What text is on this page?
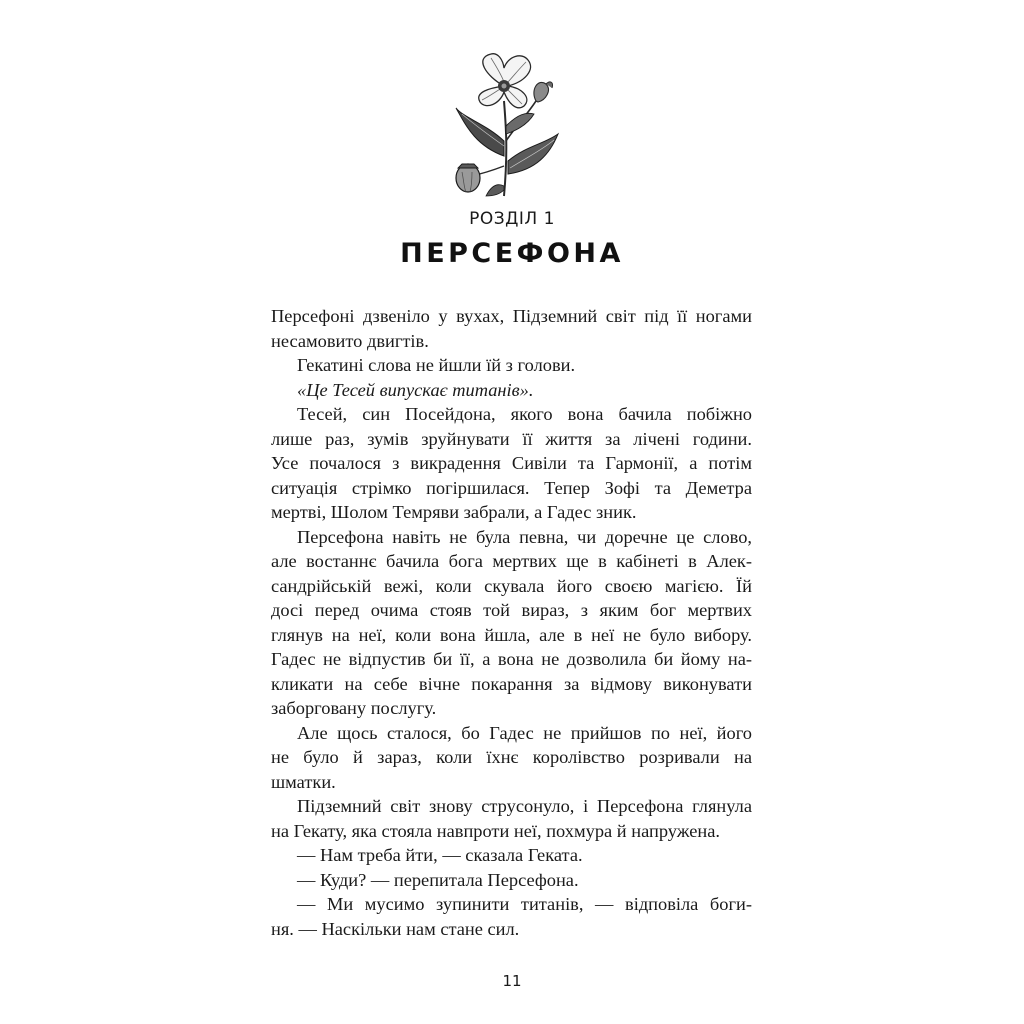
РОЗДІЛ 1
ПЕРСЕФОНА
Персефоні дзвеніло у вухах, Підземний світ під її ногами
несамовито двигтів.
Гекатині слова не йшли їй з голови.
«Це Тесей випускає титанів».
Тесей, син Посейдона, якого вона бачила побіжно
лише раз, зумів зруйнувати її життя за лічені години.
Усе почалося з викрадення Сивіли та Гармонії, а потім
ситуація стрімко погіршилася. Тепер Зофі та Деметра
мертві, Шолом Темряви забрали, а Гадес зник.
Персефона навіть не була певна, чи доречне це слово,
але востаннє бачила бога мертвих ще в кабінеті в Алек-
сандрійській вежі, коли скувала його своєю магією. Їй
досі перед очима стояв той вираз, з яким бог мертвих
глянув на неї, коли вона йшла, але в неї не було вибору.
Гадес не відпустив би її, а вона не дозволила би йому на-
кликати на себе вічне покарання за відмову виконувати
заборговану послугу.
Але щось сталося, бо Гадес не прийшов по неї, його
не було й зараз, коли їхнє королівство розривали на
шматки.
Підземний світ знову струсонуло, і Персефона глянула
на Гекату, яка стояла навпроти неї, похмура й напружена.
— Нам треба йти, — сказала Геката.
— Куди? — перепитала Персефона.
— Ми мусимо зупинити титанів, — відповіла боги-
ня. — Наскільки нам стане сил.
11
